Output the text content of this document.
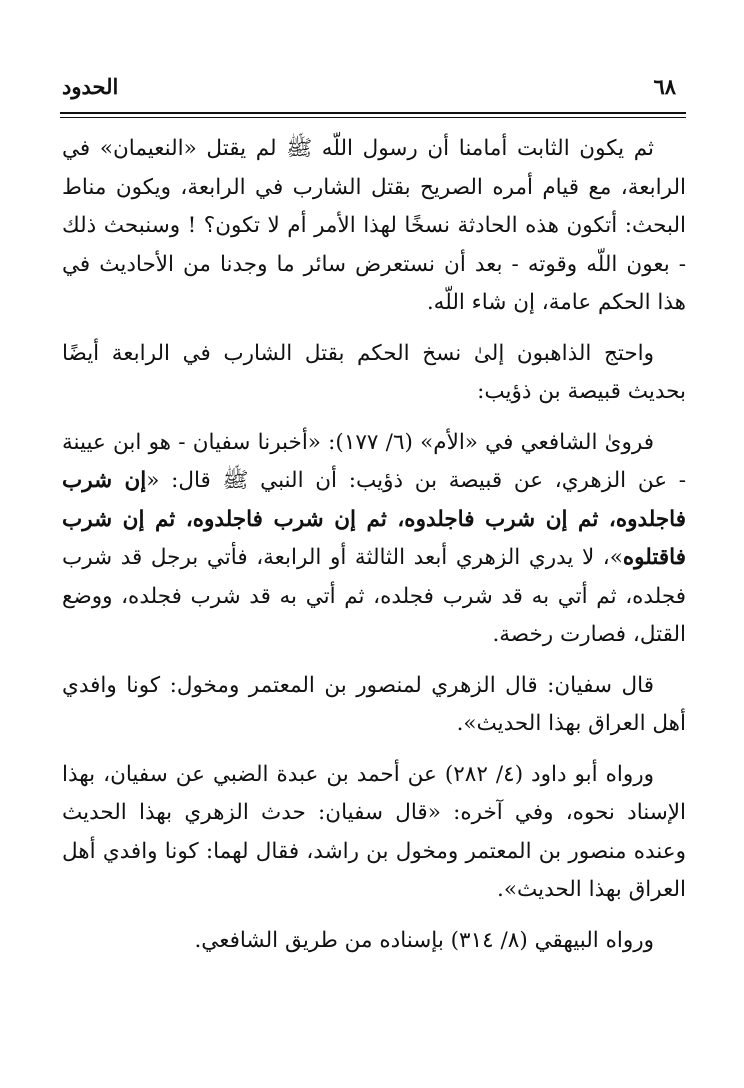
الحدود	٦٨

ثم يكون الثابت أمامنا أن رسول اللّه ﷺ لم يقتل «النعيمان» في الرابعة، مع قيام أمره الصريح بقتل الشارب في الرابعة، ويكون مناط البحث: أتكون هذه الحادثة نسخًا لهذا الأمر أم لا تكون؟ ! وسنبحث ذلك - بعون اللّه وقوته - بعد أن نستعرض سائر ما وجدنا من الأحاديث في هذا الحكم عامة، إن شاء اللّه.

واحتج الذاهبون إلىٰ نسخ الحكم بقتل الشارب في الرابعة أيضًا بحديث قبيصة بن ذؤيب:

فروىٰ الشافعي في «الأم» (٦/ ١٧٧): «أخبرنا سفيان - هو ابن عيينة - عن الزهري، عن قبيصة بن ذؤيب: أن النبي ﷺ قال: «إن شرب فاجلدوه، ثم إن شرب فاجلدوه، ثم إن شرب فاجلدوه، ثم إن شرب فاقتلوه»، لا يدري الزهري أبعد الثالثة أو الرابعة، فأتي برجل قد شرب فجلده، ثم أتي به قد شرب فجلده، ثم أتي به قد شرب فجلده، ووضع القتل، فصارت رخصة.

قال سفيان: قال الزهري لمنصور بن المعتمر ومخول: كونا وافدي أهل العراق بهذا الحديث».

ورواه أبو داود (٤/ ٢٨٢) عن أحمد بن عبدة الضبي عن سفيان، بهذا الإسناد نحوه، وفي آخره: «قال سفيان: حدث الزهري بهذا الحديث وعنده منصور بن المعتمر ومخول بن راشد، فقال لهما: كونا وافدي أهل العراق بهذا الحديث».

ورواه البيهقي (٨/ ٣١٤) بإسناده من طريق الشافعي.
